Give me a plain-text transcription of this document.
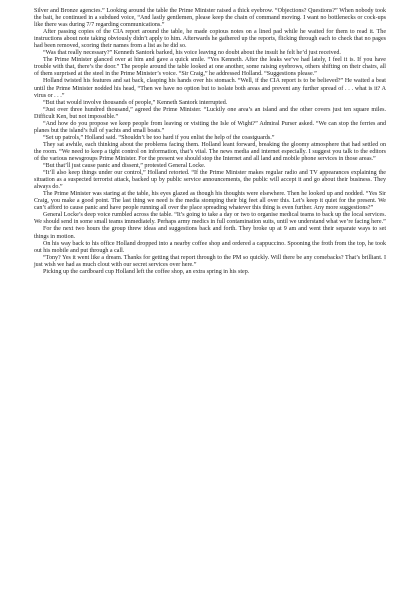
Silver and Bronze agencies.” Looking around the table the Prime Minister raised a thick eyebrow. “Objections? Questions?” When nobody took the bait, he continued in a subdued voice, “And lastly gentlemen, please keep the chain of command moving. I want no bottlenecks or cock-ups like there was during 7/7 regarding communications.”

After passing copies of the CIA report around the table, he made copious notes on a lined pad while he waited for them to read it. The instructions about note taking obviously didn’t apply to him. Afterwards he gathered up the reports, flicking through each to check that no pages had been removed, scoring their names from a list as he did so.

“Was that really necessary?” Kenneth Santork barked, his voice leaving no doubt about the insult he felt he’d just received.

The Prime Minister glanced over at him and gave a quick smile. “Yes Kenneth. After the leaks we’ve had lately, I feel it is. If you have trouble with that, there’s the door.” The people around the table looked at one another, some raising eyebrows, others shifting on their chairs, all of them surprised at the steel in the Prime Minister’s voice. “Sir Craig,” he addressed Holland. “Suggestions please.”

Holland twisted his features and sat back, clasping his hands over his stomach. “Well, if the CIA report is to be believed?” He waited a beat until the Prime Minister nodded his head, “Then we have no option but to isolate both areas and prevent any further spread of . . . what is it? A virus or . . .”

“But that would involve thousands of people,” Kenneth Santork interrupted.

“Just over three hundred thousand,” agreed the Prime Minister. “Luckily one area’s an island and the other covers just ten square miles. Difficult Ken, but not impossible.”

“And how do you propose we keep people from leaving or visiting the Isle of Wight?” Admiral Purser asked. “We can stop the ferries and planes but the island’s full of yachts and small boats.”

“Set up patrols,” Holland said. “Shouldn’t be too hard if you enlist the help of the coastguards.”

They sat awhile, each thinking about the problems facing them. Holland leant forward, breaking the gloomy atmosphere that had settled on the room. “We need to keep a tight control on information, that’s vital. The news media and internet especially. I suggest you talk to the editors of the various newsgroups Prime Minister. For the present we should stop the Internet and all land and mobile phone services in those areas.”

“But that’ll just cause panic and dissent,” protested General Locke.

“It’ll also keep things under our control,” Holland retorted. “If the Prime Minister makes regular radio and TV appearances explaining the situation as a suspected terrorist attack, backed up by public service announcements, the public will accept it and go about their business. They always do.”

The Prime Minister was staring at the table, his eyes glazed as though his thoughts were elsewhere. Then he looked up and nodded. “Yes Sir Craig, you make a good point. The last thing we need is the media stomping their big feet all over this. Let’s keep it quiet for the present. We can’t afford to cause panic and have people running all over the place spreading whatever this thing is even further. Any more suggestions?”

General Locke’s deep voice rumbled across the table. “It’s going to take a day or two to organise medical teams to back up the local services. We should send in some small teams immediately. Perhaps army medics in full contamination suits, until we understand what we’re facing here.”

For the next two hours the group threw ideas and suggestions back and forth. They broke up at 9 am and went their separate ways to set things in motion.

On his way back to his office Holland dropped into a nearby coffee shop and ordered a cappuccino. Spooning the froth from the top, he took out his mobile and put through a call.

“Tony? Yes it went like a dream. Thanks for getting that report through to the PM so quickly. Will there be any comebacks? That’s brilliant. I just wish we had as much clout with our secret services over here.”

Picking up the cardboard cup Holland left the coffee shop, an extra spring in his step.
